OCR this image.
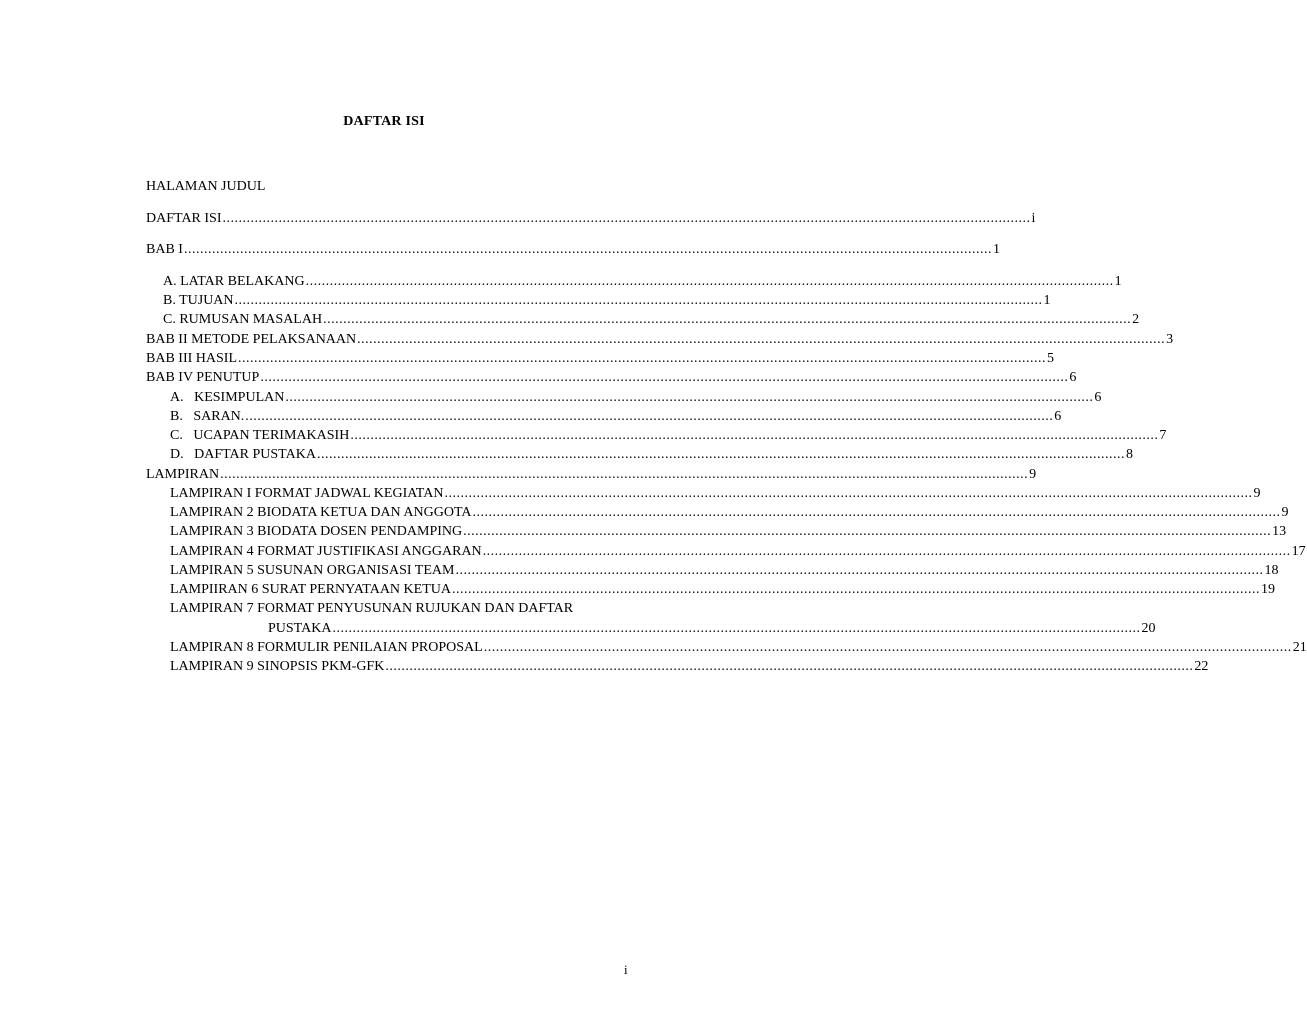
DAFTAR ISI
HALAMAN JUDUL
DAFTAR ISI .......................................................................................................................................................................................................... i
BAB I .......................................................................................................................................................................................................... 1
A. LATAR BELAKANG .......................................................................................................................................................................................................... 1
B. TUJUAN .......................................................................................................................................................................................................... 1
C. RUMUSAN MASALAH .......................................................................................................................................................................................................... 2
BAB II METODE PELAKSANAAN .......................................................................................................................................................................................................... 3
BAB III HASIL .......................................................................................................................................................................................................... 5
BAB IV PENUTUP .......................................................................................................................................................................................................... 6
A.   KESIMPULAN .......................................................................................................................................................................................................... 6
B.   SARAN. .......................................................................................................................................................................................................... 6
C.   UCAPAN TERIMAKASIH .......................................................................................................................................................................................................... 7
D.   DAFTAR PUSTAKA .......................................................................................................................................................................................................... 8
LAMPIRAN .......................................................................................................................................................................................................... 9
LAMPIRAN I FORMAT JADWAL KEGIATAN .......................................................................................................................................................................................................... 9
LAMPIRAN 2 BIODATA KETUA DAN ANGGOTA .......................................................................................................................................................................................................... 9
LAMPIRAN 3 BIODATA DOSEN PENDAMPING .......................................................................................................................................................................................................... 13
LAMPIRAN 4 FORMAT JUSTIFIKASI ANGGARAN .......................................................................................................................................................................................................... 17
LAMPIRAN 5 SUSUNAN ORGANISASI TEAM .......................................................................................................................................................................................................... 18
LAMPIIRAN 6 SURAT PERNYATAAN KETUA .......................................................................................................................................................................................................... 19
LAMPIRAN 7 FORMAT PENYUSUNAN RUJUKAN DAN DAFTAR
PUSTAKA .......................................................................................................................................................................................................... 20
LAMPIRAN 8 FORMULIR PENILAIAN PROPOSAL .......................................................................................................................................................................................................... 21
LAMPIRAN 9 SINOPSIS PKM-GFK .......................................................................................................................................................................................................... 22
i
